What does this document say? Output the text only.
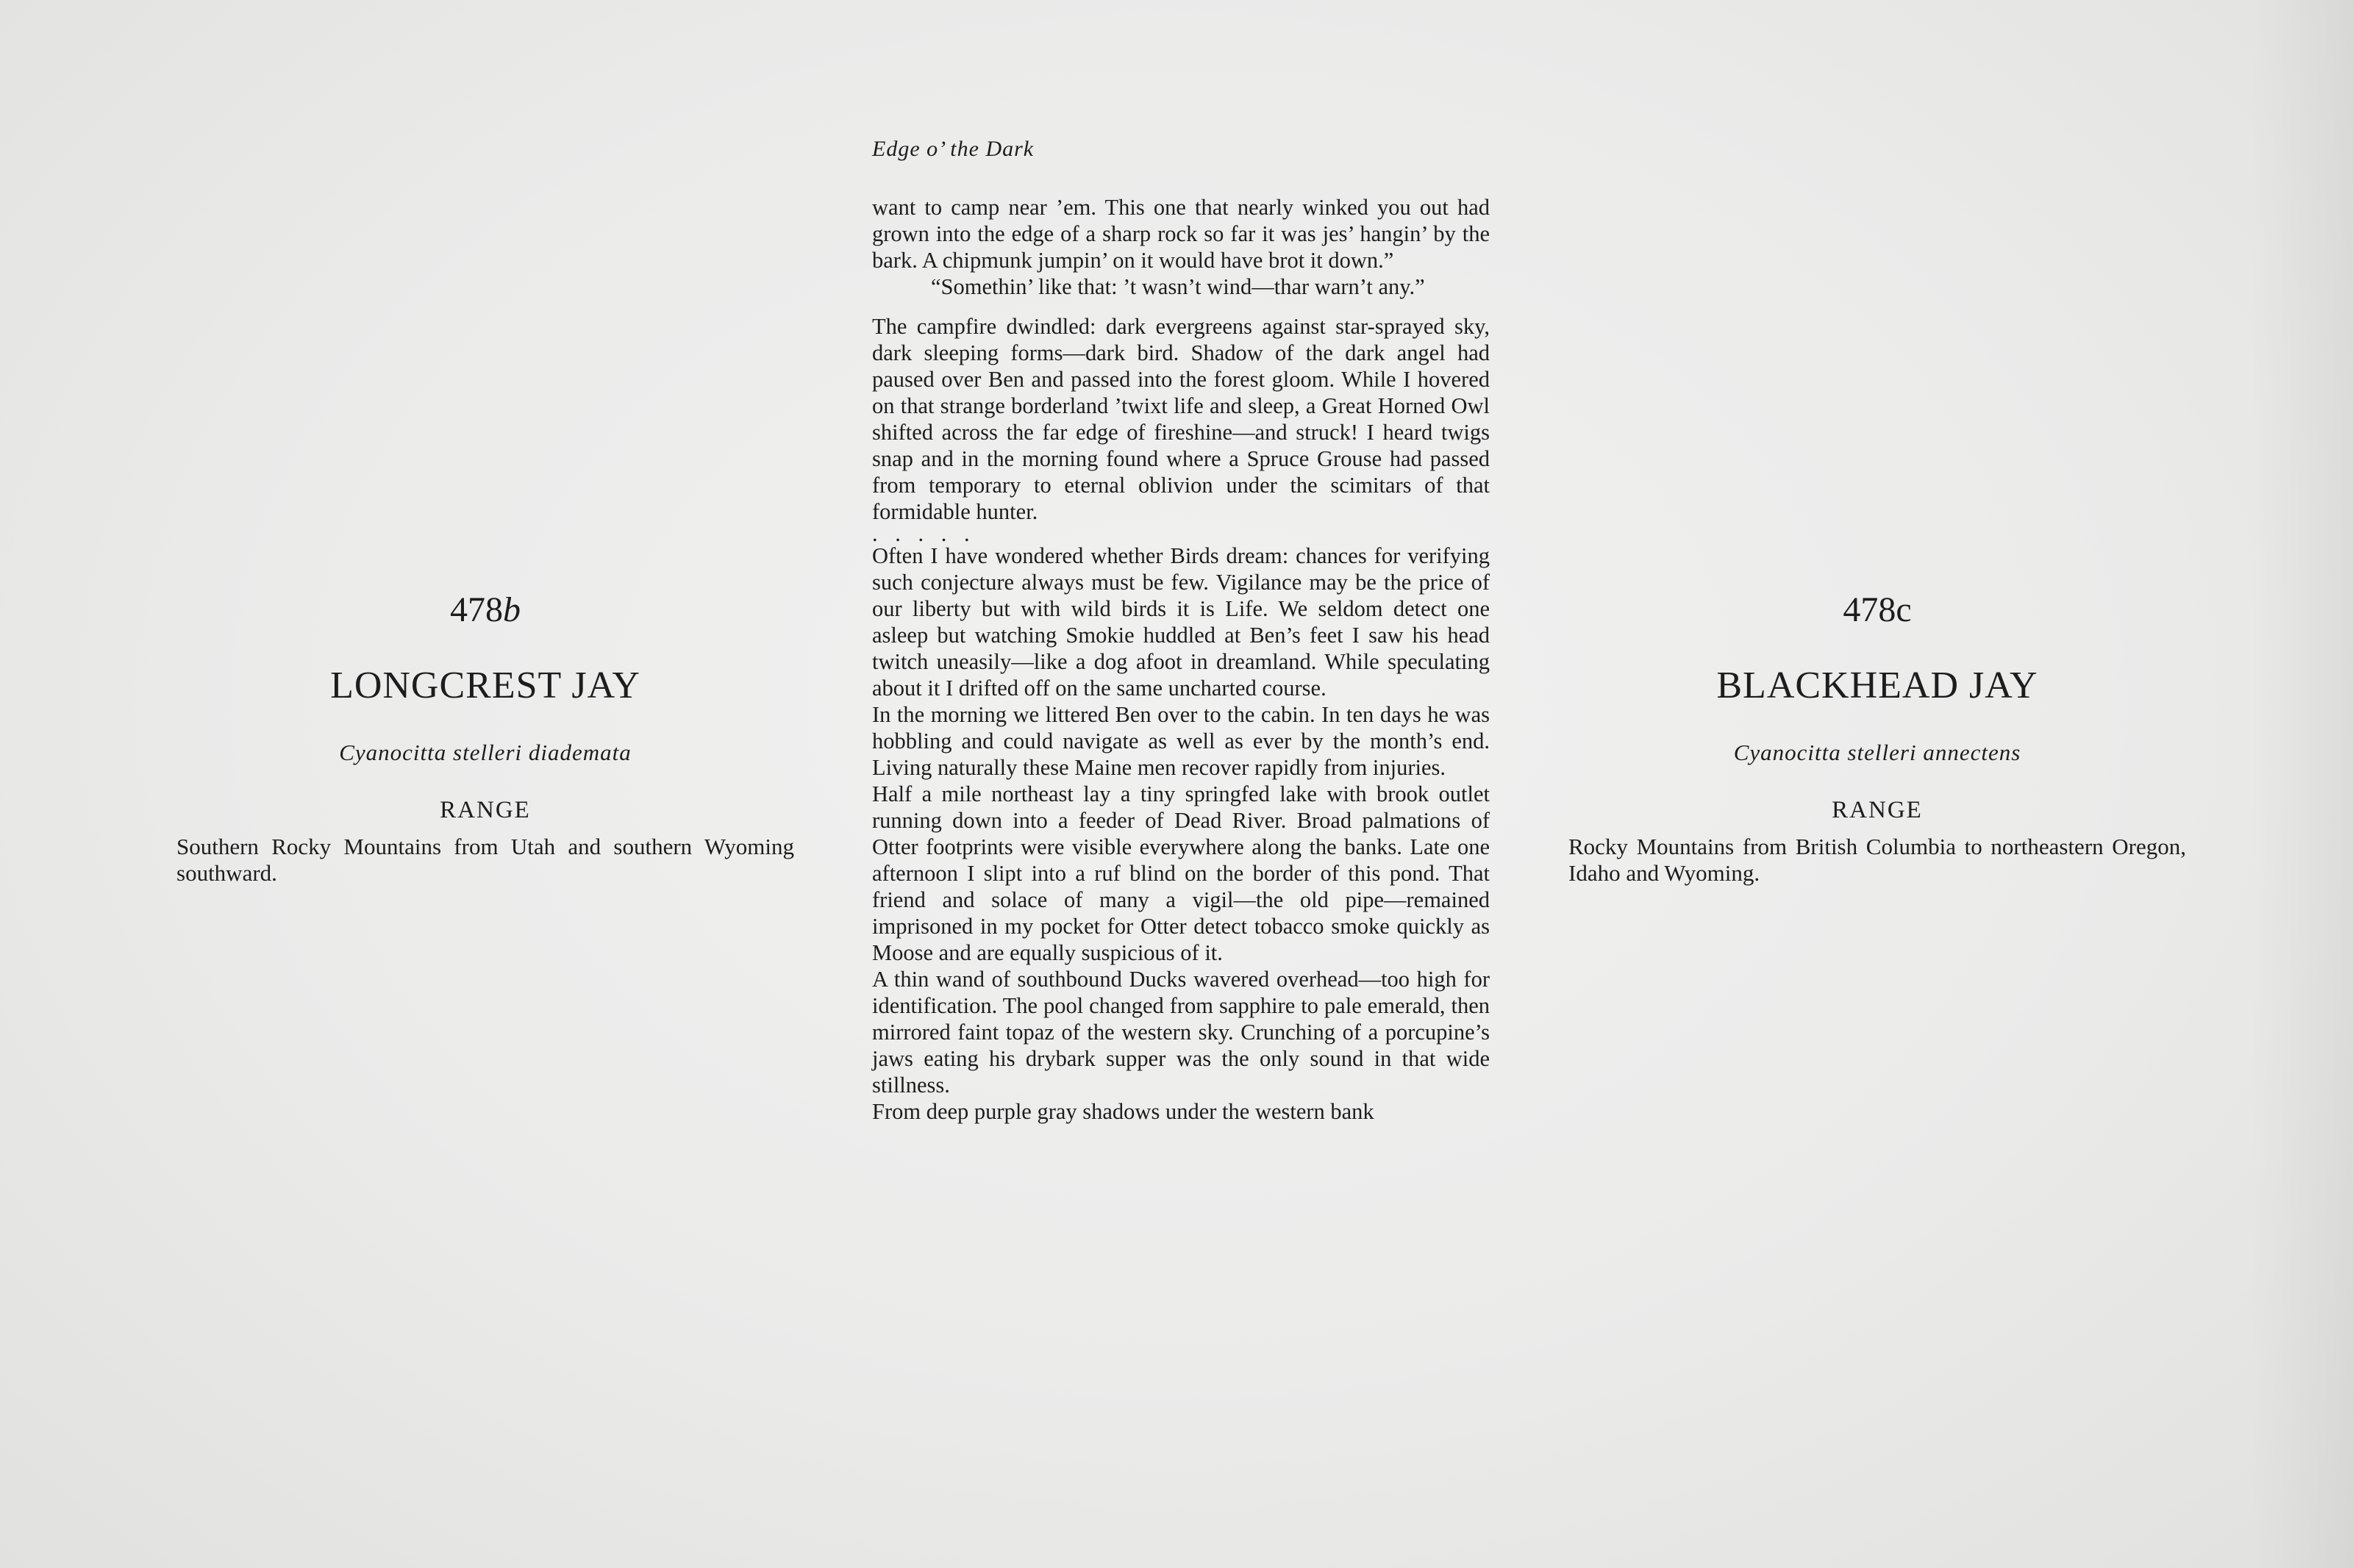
478b
LONGCREST JAY
Cyanocitta stelleri diademata
RANGE
Southern Rocky Mountains from Utah and southern Wyoming southward.
Edge o’ the Dark

want to camp near ’em. This one that nearly winked you out had grown into the edge of a sharp rock so far it was jes’ hangin’ by the bark. A chipmunk jumpin’ on it would have brot it down.”

“Somethin’ like that: ’t wasn’t wind—thar warn’t any.”

The campfire dwindled: dark evergreens against star-sprayed sky, dark sleeping forms—dark bird. Shadow of the dark angel had paused over Ben and passed into the forest gloom. While I hovered on that strange borderland ’twixt life and sleep, a Great Horned Owl shifted across the far edge of fireshine—and struck! I heard twigs snap and in the morning found where a Spruce Grouse had passed from temporary to eternal oblivion under the scimitars of that formidable hunter.

. . . . .

Often I have wondered whether Birds dream: chances for verifying such conjecture always must be few. Vigilance may be the price of our liberty but with wild birds it is Life. We seldom detect one asleep but watching Smokie huddled at Ben’s feet I saw his head twitch uneasily—like a dog afoot in dreamland. While speculating about it I drifted off on the same uncharted course.

In the morning we littered Ben over to the cabin. In ten days he was hobbling and could navigate as well as ever by the month’s end. Living naturally these Maine men recover rapidly from injuries.

Half a mile northeast lay a tiny springfed lake with brook outlet running down into a feeder of Dead River. Broad palmations of Otter footprints were visible everywhere along the banks. Late one afternoon I slipt into a ruf blind on the border of this pond. That friend and solace of many a vigil—the old pipe—remained imprisoned in my pocket for Otter detect tobacco smoke quickly as Moose and are equally suspicious of it.

A thin wand of southbound Ducks wavered overhead—too high for identification. The pool changed from sapphire to pale emerald, then mirrored faint topaz of the western sky. Crunching of a porcupine’s jaws eating his drybark supper was the only sound in that wide stillness.

From deep purple gray shadows under the western bank

478c
BLACKHEAD JAY
Cyanocitta stelleri annectens
RANGE
Rocky Mountains from British Columbia to northeastern Oregon, Idaho and Wyoming.
